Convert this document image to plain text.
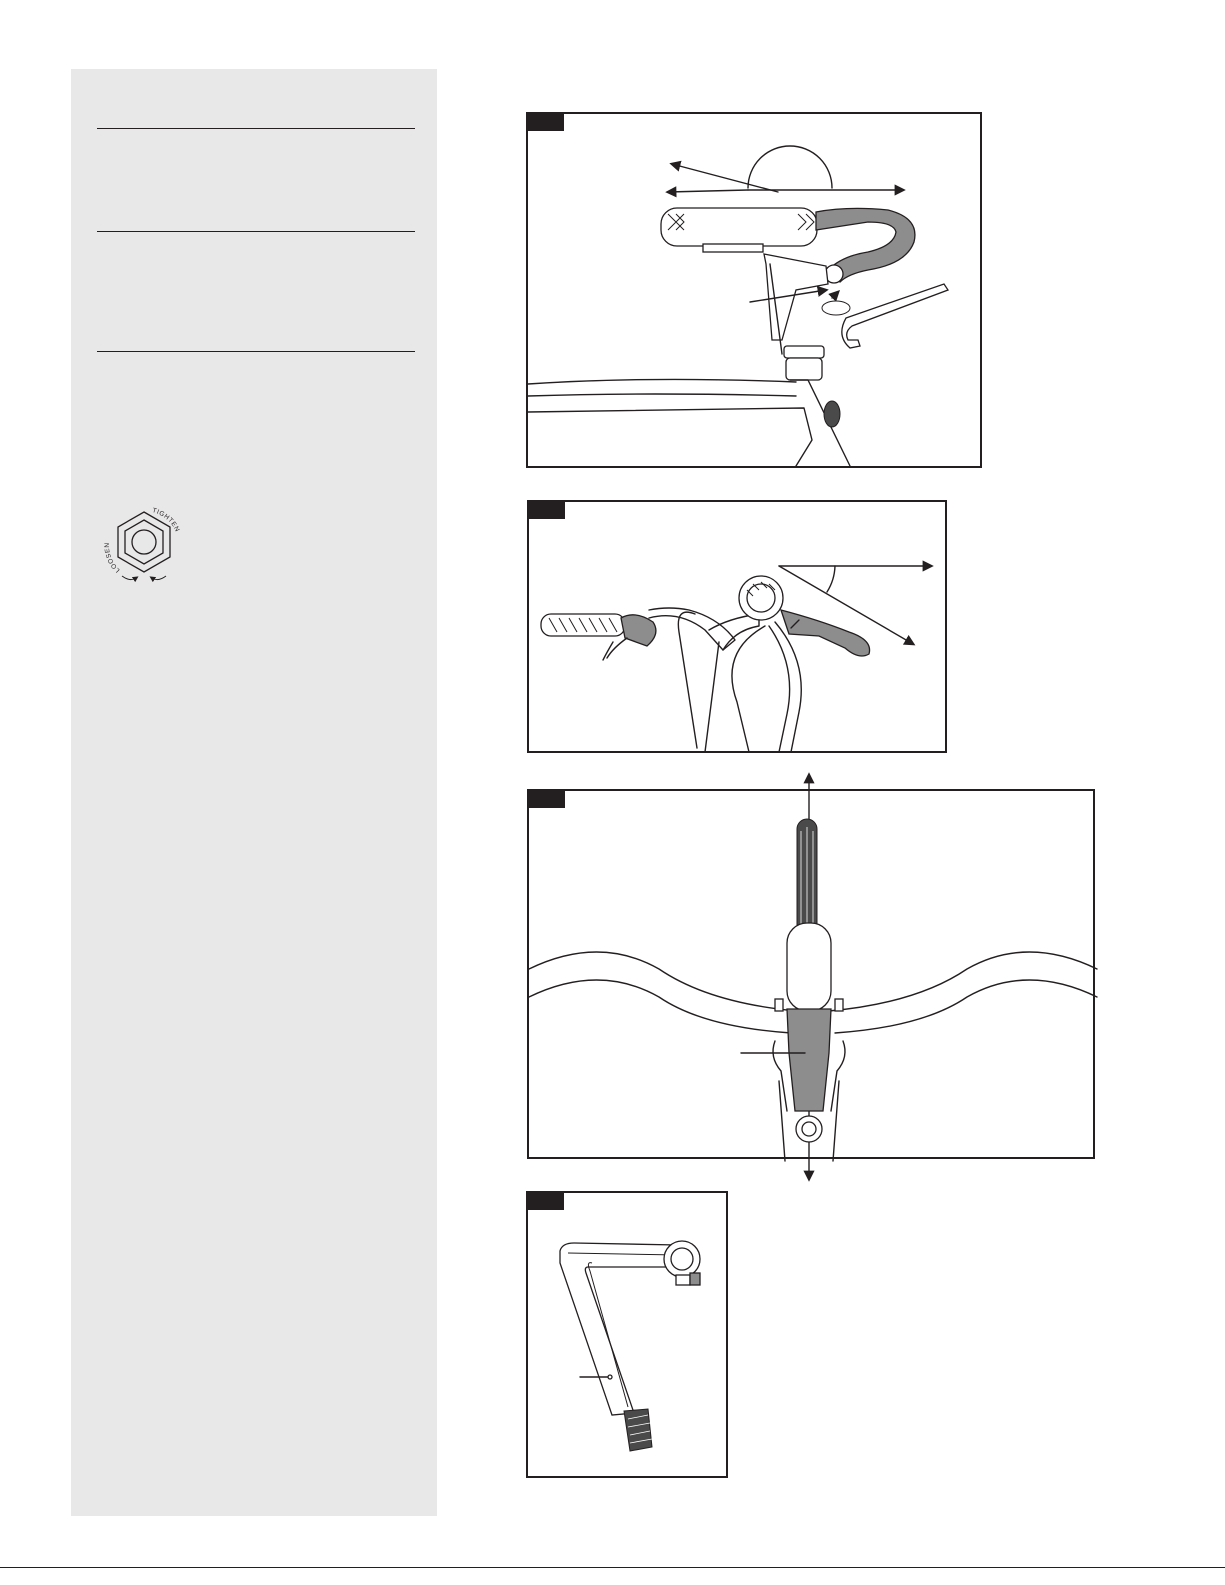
LOOSEN
TIGHTEN
